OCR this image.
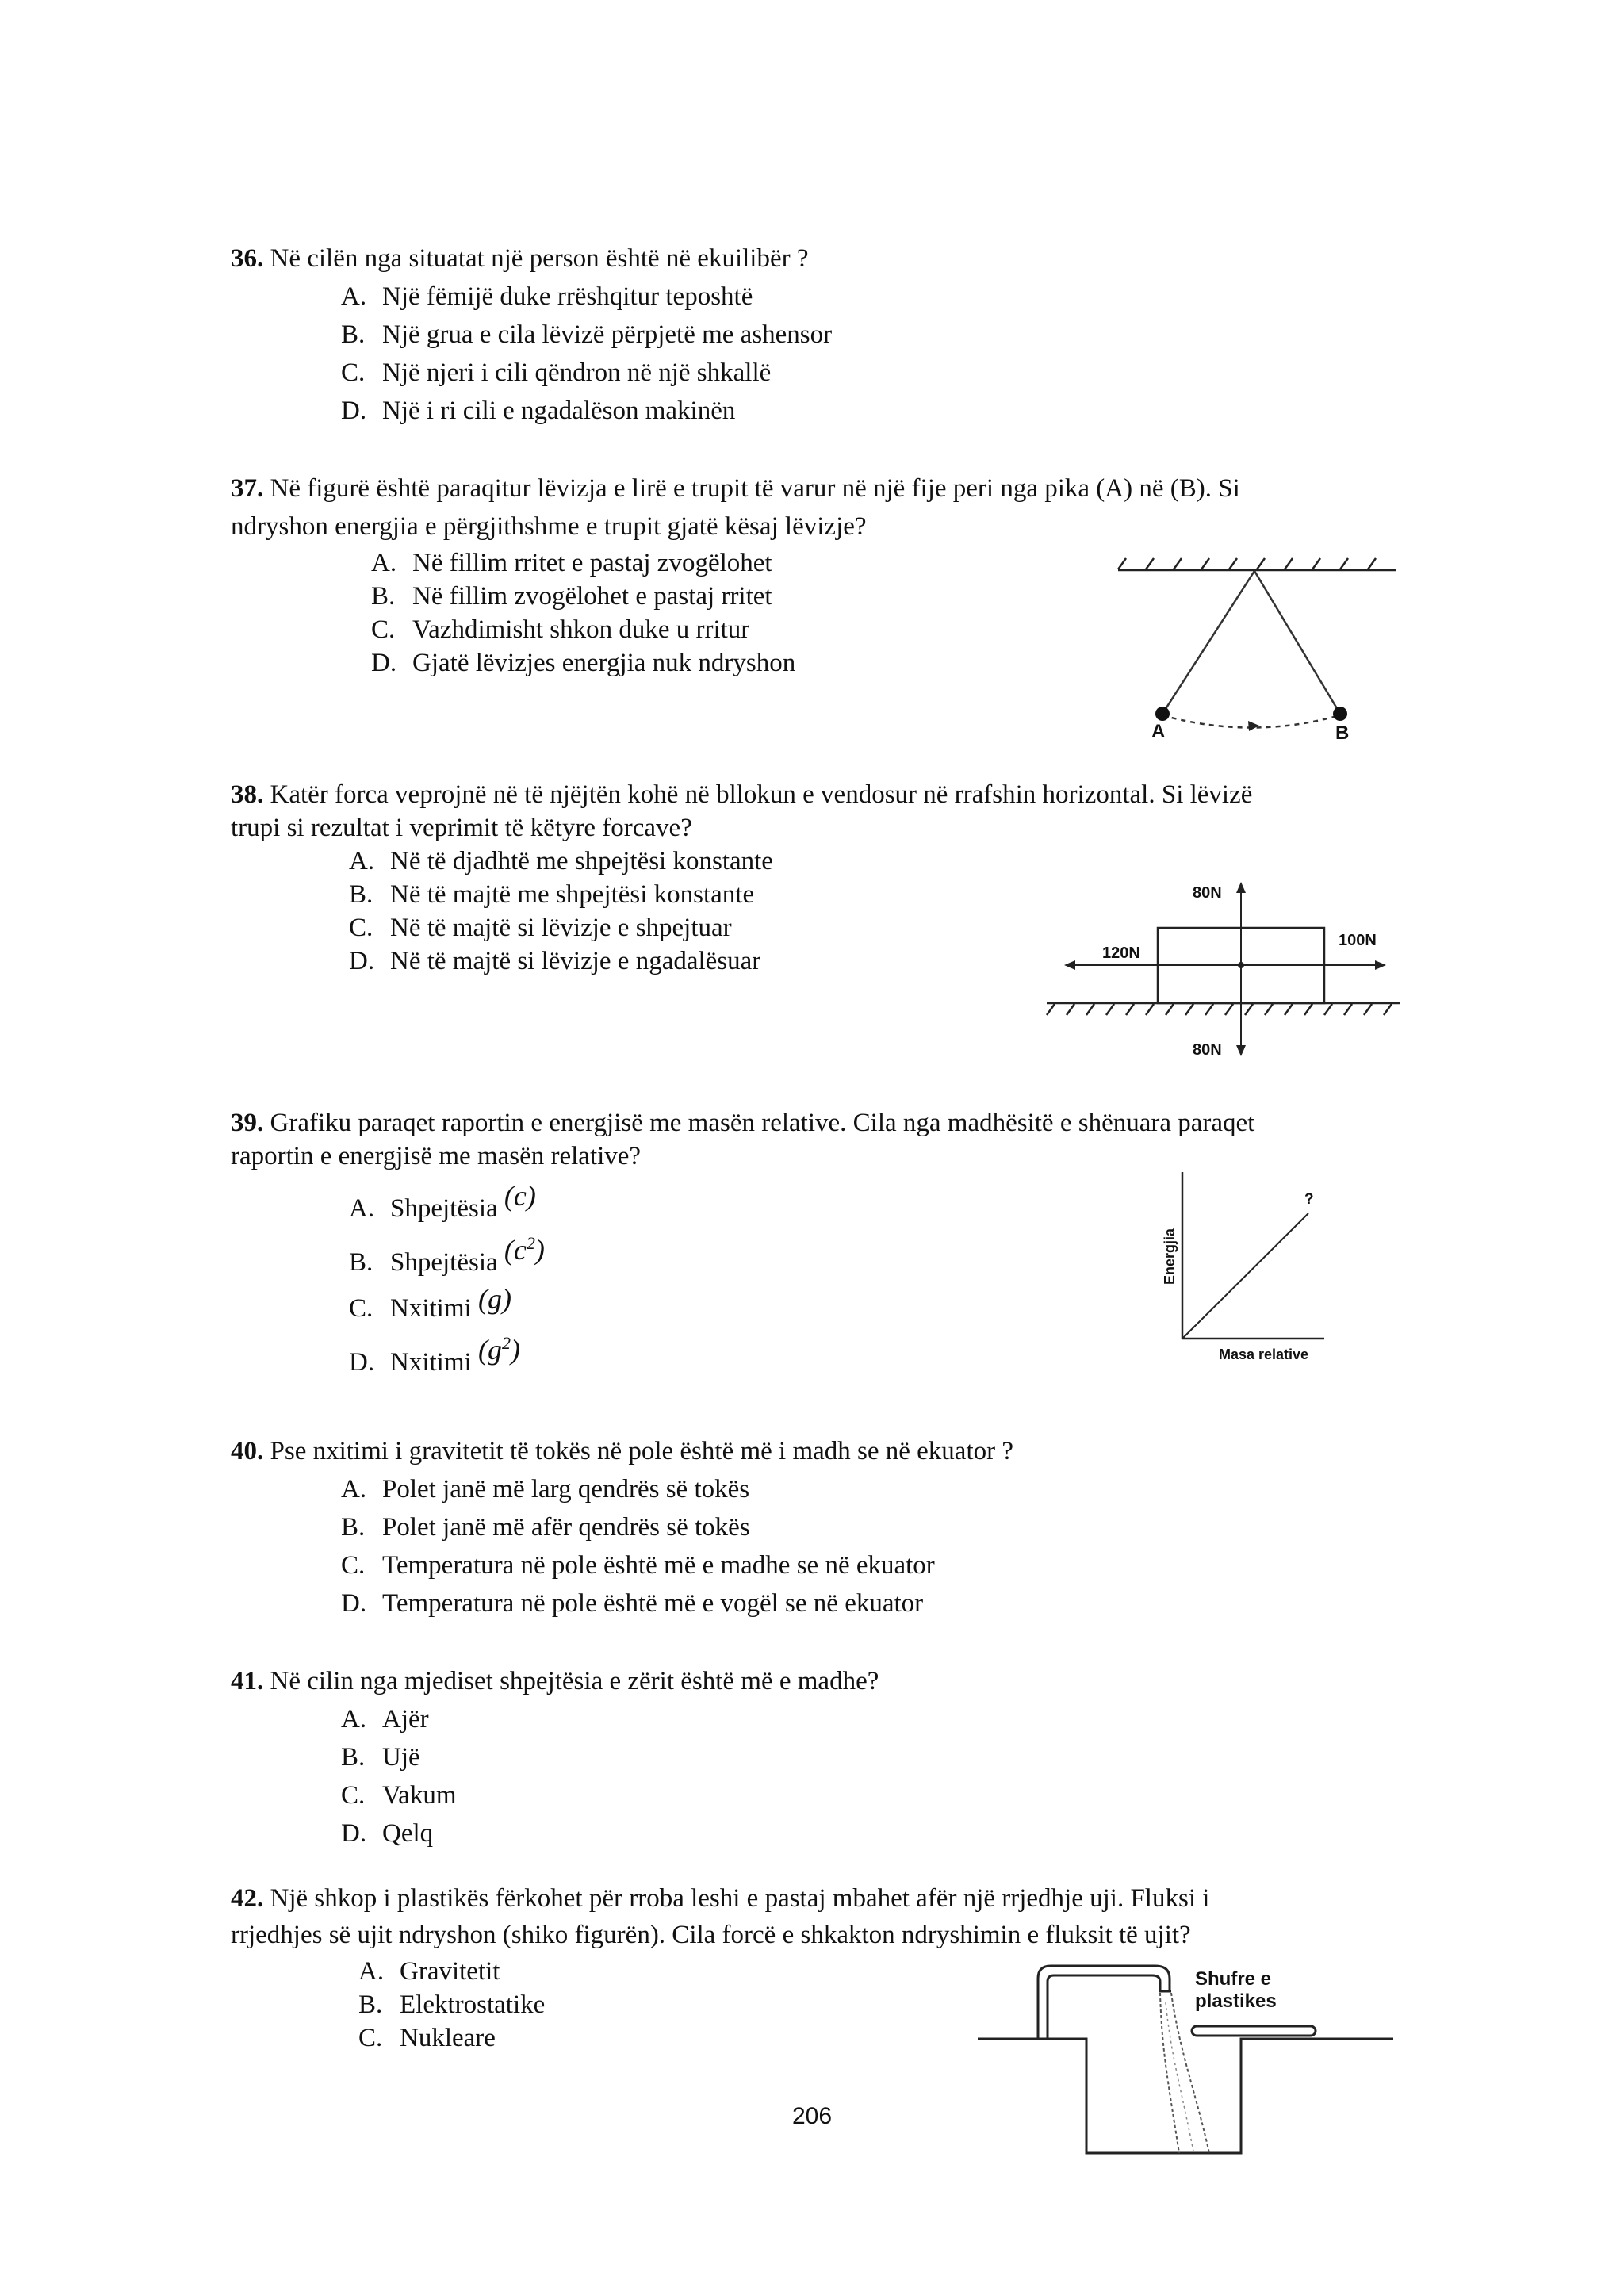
36. Në cilën nga situatat një person është në ekuilibër ?
A. Një fëmijë duke rrëshqitur teposhtë
B. Një grua e cila lëvizë përpjetë me ashensor
C. Një njeri i cili qëndron në një shkallë
D. Një i ri cili e ngadalëson makinën
37. Në figurë është paraqitur lëvizja e lirë e trupit të varur në një fije peri nga pika (A) në (B). Si
ndryshon energjia e përgjithshme e trupit gjatë kësaj lëvizje?
A. Në fillim rritet e pastaj zvogëlohet
B. Në fillim zvogëlohet e pastaj rritet
C. Vazhdimisht shkon duke u rritur
D. Gjatë lëvizjes energjia nuk ndryshon
A	B
38. Katër forca veprojnë në të njëjtën kohë në bllokun e vendosur në rrafshin horizontal. Si lëvizë
trupi si rezultat i veprimit të këtyre forcave?
A. Në të djadhtë me shpejtësi konstante
B. Në të majtë me shpejtësi konstante
C. Në të majtë si lëvizje e shpejtuar
D. Në të majtë si lëvizje e ngadalësuar
80N
120N
100N
80N
39. Grafiku paraqet raportin e energjisë me masën relative. Cila nga madhësitë e shënuara paraqet
raportin e energjisë me masën relative?
A. Shpejtësia (c)
B. Shpejtësia $(c^2)$
C. Nxitimi (g)
D. Nxitimi $(g^2)$
?
Energjia
Masa relative
40. Pse nxitimi i gravitetit të tokës në pole është më i madh se në ekuator ?
A. Polet janë më larg qendrës së tokës
B. Polet janë më afër qendrës së tokës
C. Temperatura në pole është më e madhe se në ekuator
D. Temperatura në pole është më e vogël se në ekuator
41. Në cilin nga mjediset shpejtësia e zërit është më e madhe?
A. Ajër
B. Ujë
C. Vakum
D. Qelq
42. Një shkop i plastikës fërkohet për rroba leshi e pastaj mbahet afër një rrjedhje uji. Fluksi i
rrjedhjes së ujit ndryshon (shiko figurën). Cila forcë e shkakton ndryshimin e fluksit të ujit?
A. Gravitetit
B. Elektrostatike
C. Nukleare
Shufre e
plastikes
206
